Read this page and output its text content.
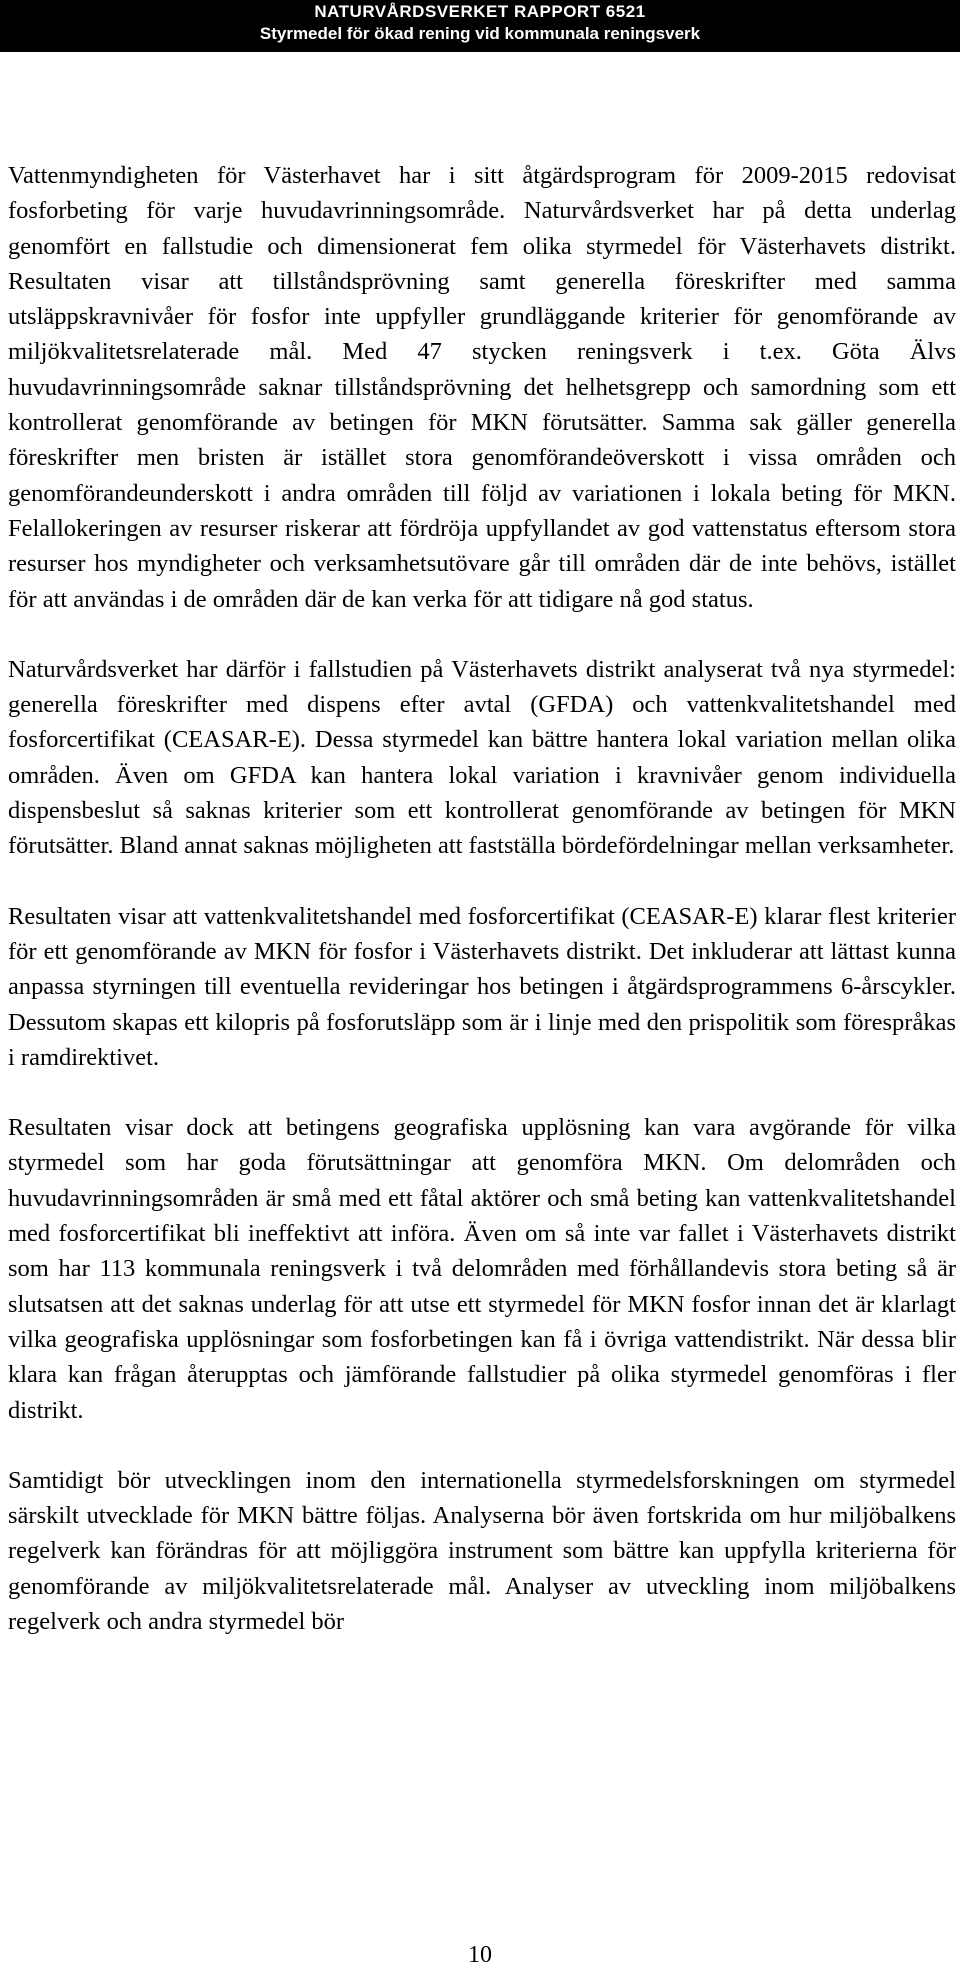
NATURVÅRDSVERKET RAPPORT 6521
Styrmedel för ökad rening vid kommunala reningsverk

Vattenmyndigheten för Västerhavet har i sitt åtgärdsprogram för 2009-2015 redovisat fosforbeting för varje huvudavrinningsområde. Naturvårdsverket har på detta underlag genomfört en fallstudie och dimensionerat fem olika styrmedel för Västerhavets distrikt. Resultaten visar att tillståndsprövning samt generella föreskrifter med samma utsläppskravnivåer för fosfor inte uppfyller grundläggande kriterier för genomförande av miljökvalitetsrelaterade mål. Med 47 stycken reningsverk i t.ex. Göta Älvs huvudavrinningsområde saknar tillståndsprövning det helhetsgrepp och samordning som ett kontrollerat genomförande av betingen för MKN förutsätter. Samma sak gäller generella föreskrifter men bristen är istället stora genomförandeöverskott i vissa områden och genomförandeunderskott i andra områden till följd av variationen i lokala beting för MKN. Felallokeringen av resurser riskerar att fördröja uppfyllandet av god vattenstatus eftersom stora resurser hos myndigheter och verksamhetsutövare går till områden där de inte behövs, istället för att användas i de områden där de kan verka för att tidigare nå god status.

Naturvårdsverket har därför i fallstudien på Västerhavets distrikt analyserat två nya styrmedel: generella föreskrifter med dispens efter avtal (GFDA) och vattenkvalitetshandel med fosforcertifikat (CEASAR-E). Dessa styrmedel kan bättre hantera lokal variation mellan olika områden. Även om GFDA kan hantera lokal variation i kravnivåer genom individuella dispensbeslut så saknas kriterier som ett kontrollerat genomförande av betingen för MKN förutsätter. Bland annat saknas möjligheten att fastställa bördefördelningar mellan verksamheter.

Resultaten visar att vattenkvalitetshandel med fosforcertifikat (CEASAR-E) klarar flest kriterier för ett genomförande av MKN för fosfor i Västerhavets distrikt. Det inkluderar att lättast kunna anpassa styrningen till eventuella revideringar hos betingen i åtgärdsprogrammens 6-årscykler. Dessutom skapas ett kilopris på fosforutsläpp som är i linje med den prispolitik som förespråkas i ramdirektivet.

Resultaten visar dock att betingens geografiska upplösning kan vara avgörande för vilka styrmedel som har goda förutsättningar att genomföra MKN. Om delområden och huvudavrinningsområden är små med ett fåtal aktörer och små beting kan vattenkvalitetshandel med fosforcertifikat bli ineffektivt att införa. Även om så inte var fallet i Västerhavets distrikt som har 113 kommunala reningsverk i två delområden med förhållandevis stora beting så är slutsatsen att det saknas underlag för att utse ett styrmedel för MKN fosfor innan det är klarlagt vilka geografiska upplösningar som fosforbetingen kan få i övriga vattendistrikt. När dessa blir klara kan frågan återupptas och jämförande fallstudier på olika styrmedel genomföras i fler distrikt.

Samtidigt bör utvecklingen inom den internationella styrmedelsforskningen om styrmedel särskilt utvecklade för MKN bättre följas. Analyserna bör även fortskrida om hur miljöbalkens regelverk kan förändras för att möjliggöra instrument som bättre kan uppfylla kriterierna för genomförande av miljökvalitetsrelaterade mål. Analyser av utveckling inom miljöbalkens regelverk och andra styrmedel bör

10
